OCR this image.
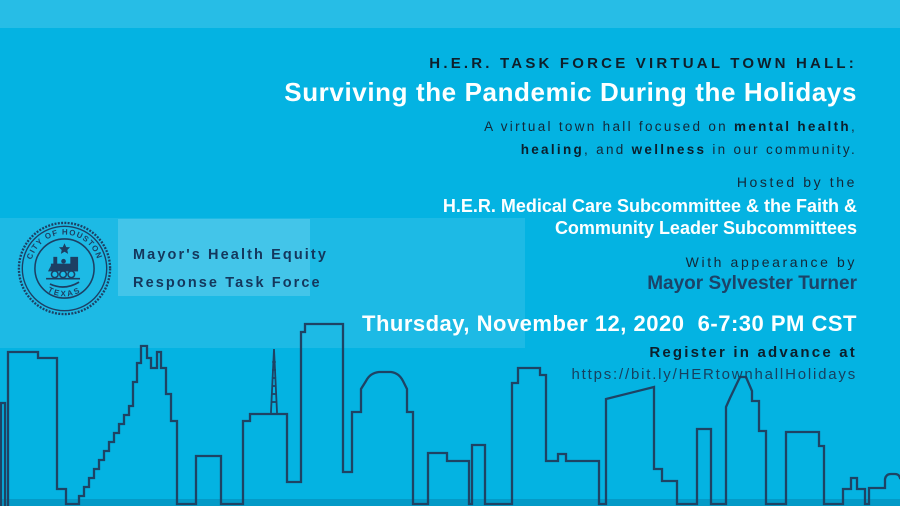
CITY OF HOUSTON
TEXAS
Mayor's Health Equity
Response Task Force
H.E.R. TASK FORCE VIRTUAL TOWN HALL:
Surviving the Pandemic During the Holidays
A virtual town hall focused on mental health,
healing, and wellness in our community.
Hosted by the
H.E.R. Medical Care Subcommittee & the Faith &
Community Leader Subcommittees
With appearance by
Mayor Sylvester Turner
Thursday, November 12, 2020  6-7:30 PM CST
Register in advance at
https://bit.ly/HERtownhallHolidays
